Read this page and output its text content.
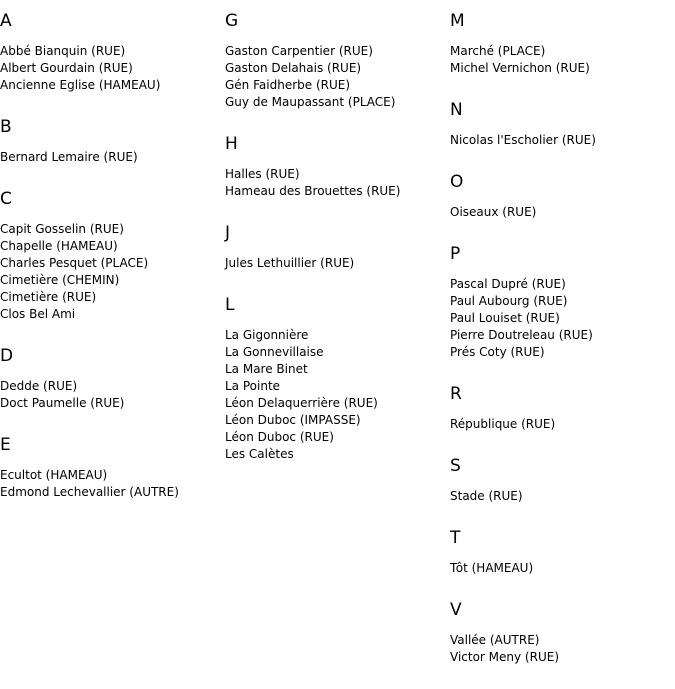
A
Abbé Bianquin (RUE)
Albert Gourdain (RUE)
Ancienne Eglise (HAMEAU)
B
Bernard Lemaire (RUE)
C
Capit Gosselin (RUE)
Chapelle (HAMEAU)
Charles Pesquet (PLACE)
Cimetière (CHEMIN)
Cimetière (RUE)
Clos Bel Ami
D
Dedde (RUE)
Doct Paumelle (RUE)
E
Ecultot (HAMEAU)
Edmond Lechevallier (AUTRE)
G
Gaston Carpentier (RUE)
Gaston Delahais (RUE)
Gén Faidherbe (RUE)
Guy de Maupassant (PLACE)
H
Halles (RUE)
Hameau des Brouettes (RUE)
J
Jules Lethuillier (RUE)
L
La Gigonnière
La Gonnevillaise
La Mare Binet
La Pointe
Léon Delaquerrière (RUE)
Léon Duboc (IMPASSE)
Léon Duboc (RUE)
Les Calètes
M
Marché (PLACE)
Michel Vernichon (RUE)
N
Nicolas l'Escholier (RUE)
O
Oiseaux (RUE)
P
Pascal Dupré (RUE)
Paul Aubourg (RUE)
Paul Louiset (RUE)
Pierre Doutreleau (RUE)
Prés Coty (RUE)
R
République (RUE)
S
Stade (RUE)
T
Tôt (HAMEAU)
V
Vallée (AUTRE)
Victor Meny (RUE)
